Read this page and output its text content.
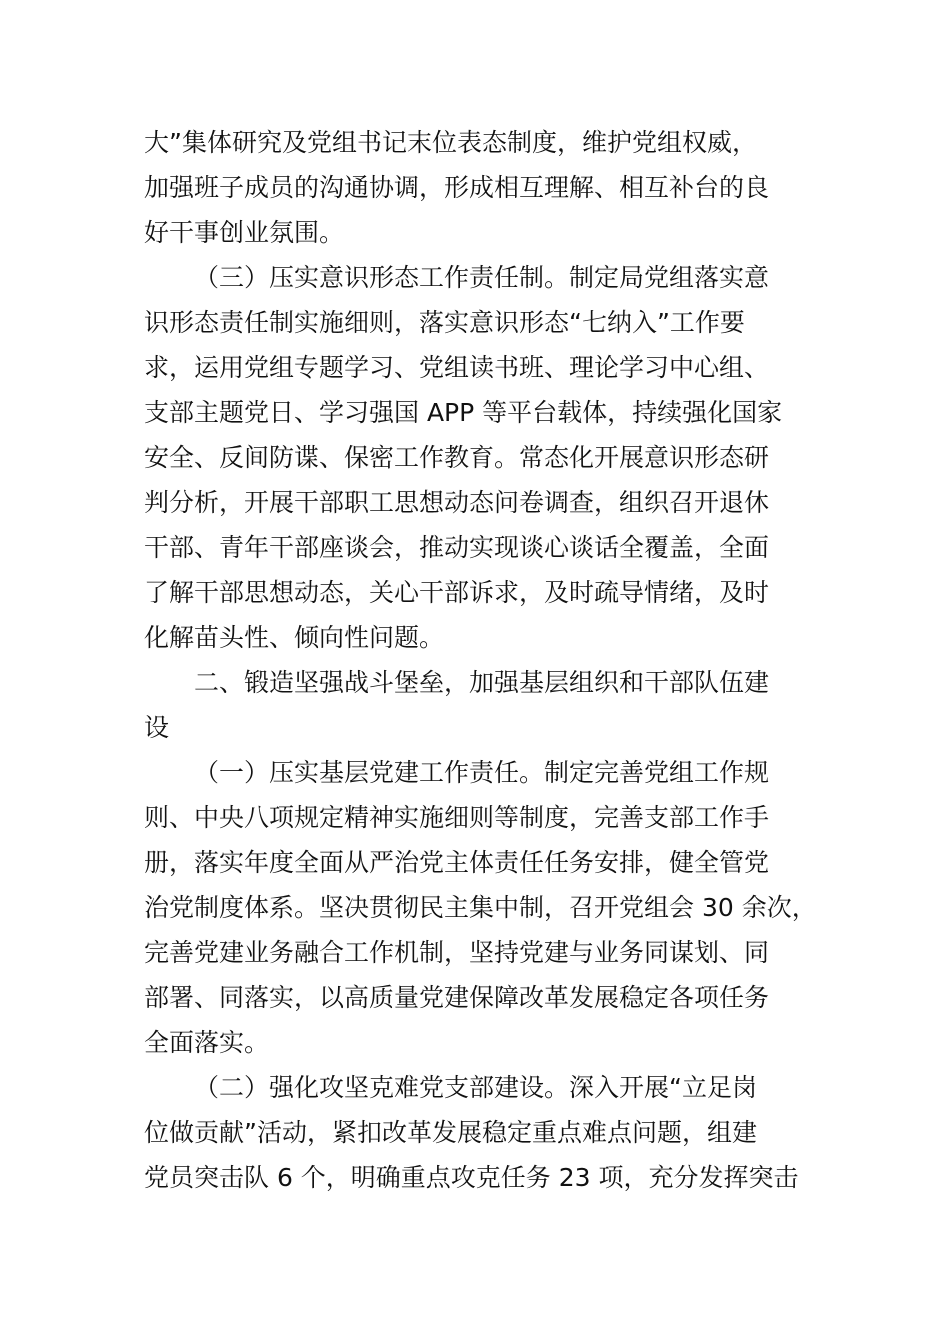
大”集体研究及党组书记末位表态制度，维护党组权威，
加强班子成员的沟通协调，形成相互理解、相互补台的良
好干事创业氛围。
（三）压实意识形态工作责任制。制定局党组落实意
识形态责任制实施细则，落实意识形态“七纳入”工作要
求，运用党组专题学习、党组读书班、理论学习中心组、
支部主题党日、学习强国 APP 等平台载体，持续强化国家
安全、反间防谍、保密工作教育。常态化开展意识形态研
判分析，开展干部职工思想动态问卷调查，组织召开退休
干部、青年干部座谈会，推动实现谈心谈话全覆盖，全面
了解干部思想动态，关心干部诉求，及时疏导情绪，及时
化解苗头性、倾向性问题。
二、锻造坚强战斗堡垒，加强基层组织和干部队伍建
设
（一）压实基层党建工作责任。制定完善党组工作规
则、中央八项规定精神实施细则等制度，完善支部工作手
册，落实年度全面从严治党主体责任任务安排，健全管党
治党制度体系。坚决贯彻民主集中制，召开党组会 30 余次，
完善党建业务融合工作机制，坚持党建与业务同谋划、同
部署、同落实，以高质量党建保障改革发展稳定各项任务
全面落实。
（二）强化攻坚克难党支部建设。深入开展“立足岗
位做贡献”活动，紧扣改革发展稳定重点难点问题，组建
党员突击队 6 个，明确重点攻克任务 23 项，充分发挥突击
